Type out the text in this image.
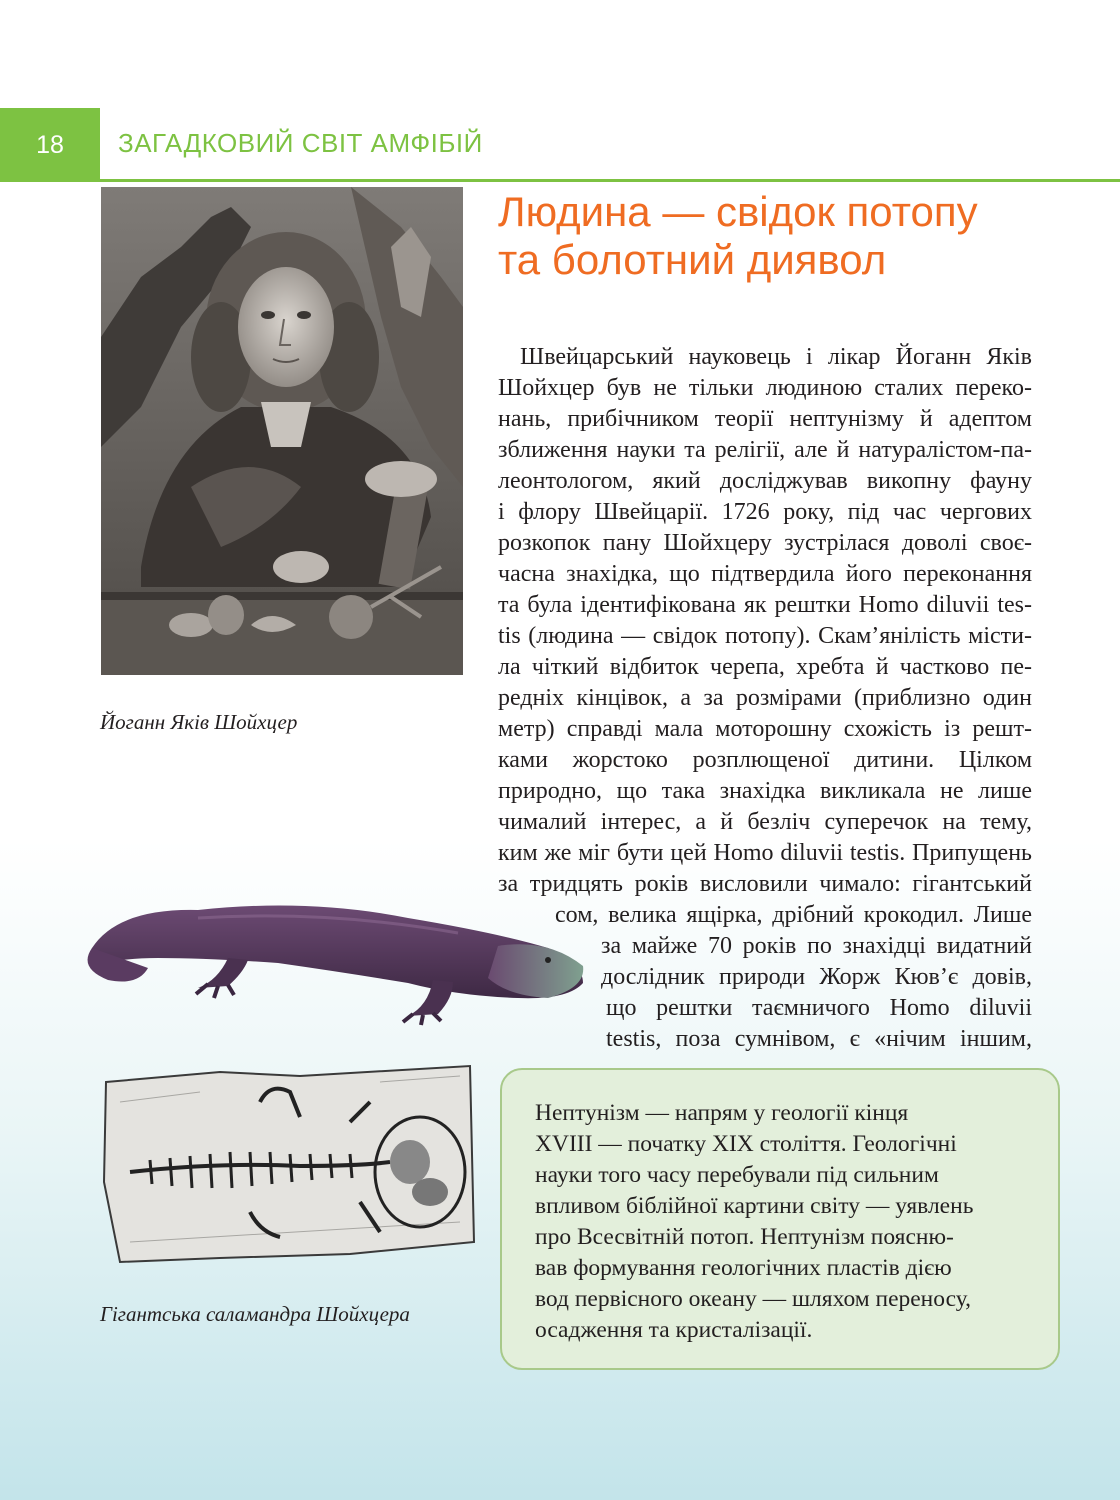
18	ЗАГАДКОВИЙ СВІТ АМФІБІЙ
Людина — свідок потопу
та болотний диявол
Йоганн Яків Шойхцер

Швейцарський науковець і лікар Йоганн Яків

Шойхцер був не тільки людиною сталих переко-

нань, прибічником теорії нептунізму й адептом

зближення науки та релігії, але й натуралістом-па-

леонтологом, який досліджував викопну фауну

і флору Швейцарії. 1726 року, під час чергових

розкопок пану Шойхцеру зустрілася доволі своє-

часна знахідка, що підтвердила його переконання

та була ідентифікована як рештки Homo diluvii tes-

tis (людина — свідок потопу). Скам’янілість місти-

ла чіткий відбиток черепа, хребта й частково пе-

редніх кінцівок, а за розмірами (приблизно один

метр) справді мала моторошну схожість із решт-

ками жорстоко розплющеної дитини. Цілком

природно, що така знахідка викликала не лише

чималий інтерес, а й безліч суперечок на тему,

ким же міг бути цей Homo diluvii testis. Припущень

за тридцять років висловили чимало: гігантський

сом, велика ящірка, дрібний крокодил. Лише

за майже 70 років по знахідці видатний

дослідник природи Жорж Кюв’є довів,

що рештки таємничого Homo diluvii

testis, поза сумнівом, є «нічим іншим,

Гігантська саламандра Шойхцера
Нептунізм — напрям у геології кінця
XVIII — початку XIX століття. Геологічні
науки того часу перебували під сильним
впливом біблійної картини світу — уявлень
про Всесвітній потоп. Нептунізм поясню-
вав формування геологічних пластів дією
вод первісного океану — шляхом переносу,
осадження та кристалізації.
